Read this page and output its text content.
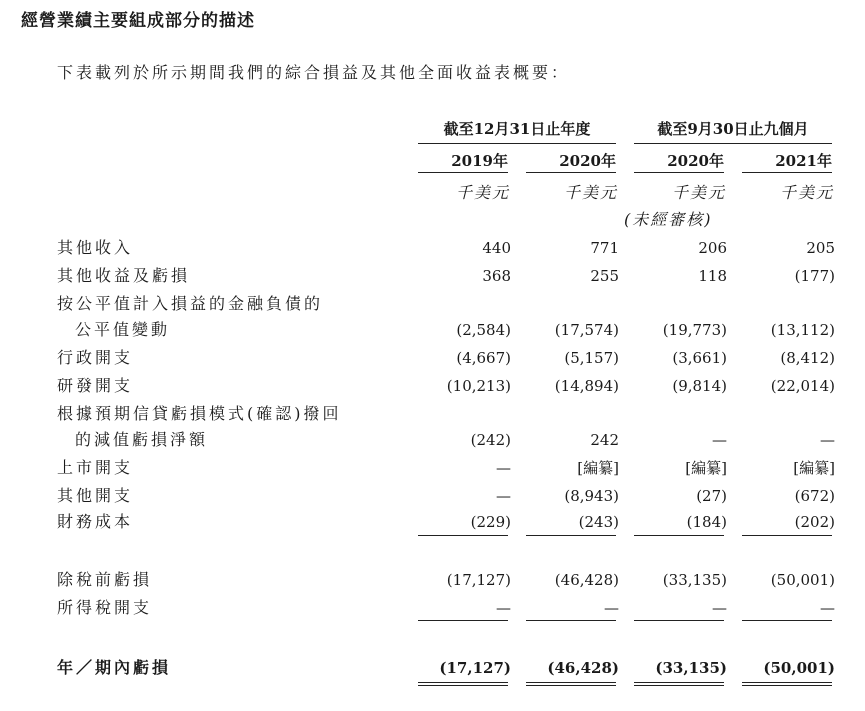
經營業績主要組成部分的描述
下表載列於所示期間我們的綜合損益及其他全面收益表概要：
截至12月31日止年度	截至9月30日止九個月
2019年	2020年	2020年	2021年
千美元	千美元	千美元	千美元
(未經審核)
其他收入	440	771	206	205
其他收益及虧損	368	255	118	(177)
按公平值計入損益的金融負債的
公平值變動	(2,584)	(17,574)	(19,773)	(13,112)
行政開支	(4,667)	(5,157)	(3,661)	(8,412)
研發開支	(10,213)	(14,894)	(9,814)	(22,014)
根據預期信貸虧損模式(確認)撥回
的減值虧損淨額	(242)	242	—	—
上市開支	—	[編纂]	[編纂]	[編纂]
其他開支	—	(8,943)	(27)	(672)
財務成本	(229)	(243)	(184)	(202)
除稅前虧損	(17,127)	(46,428)	(33,135)	(50,001)
所得稅開支	—	—	—	—
年／期內虧損	(17,127)	(46,428)	(33,135)	(50,001)
